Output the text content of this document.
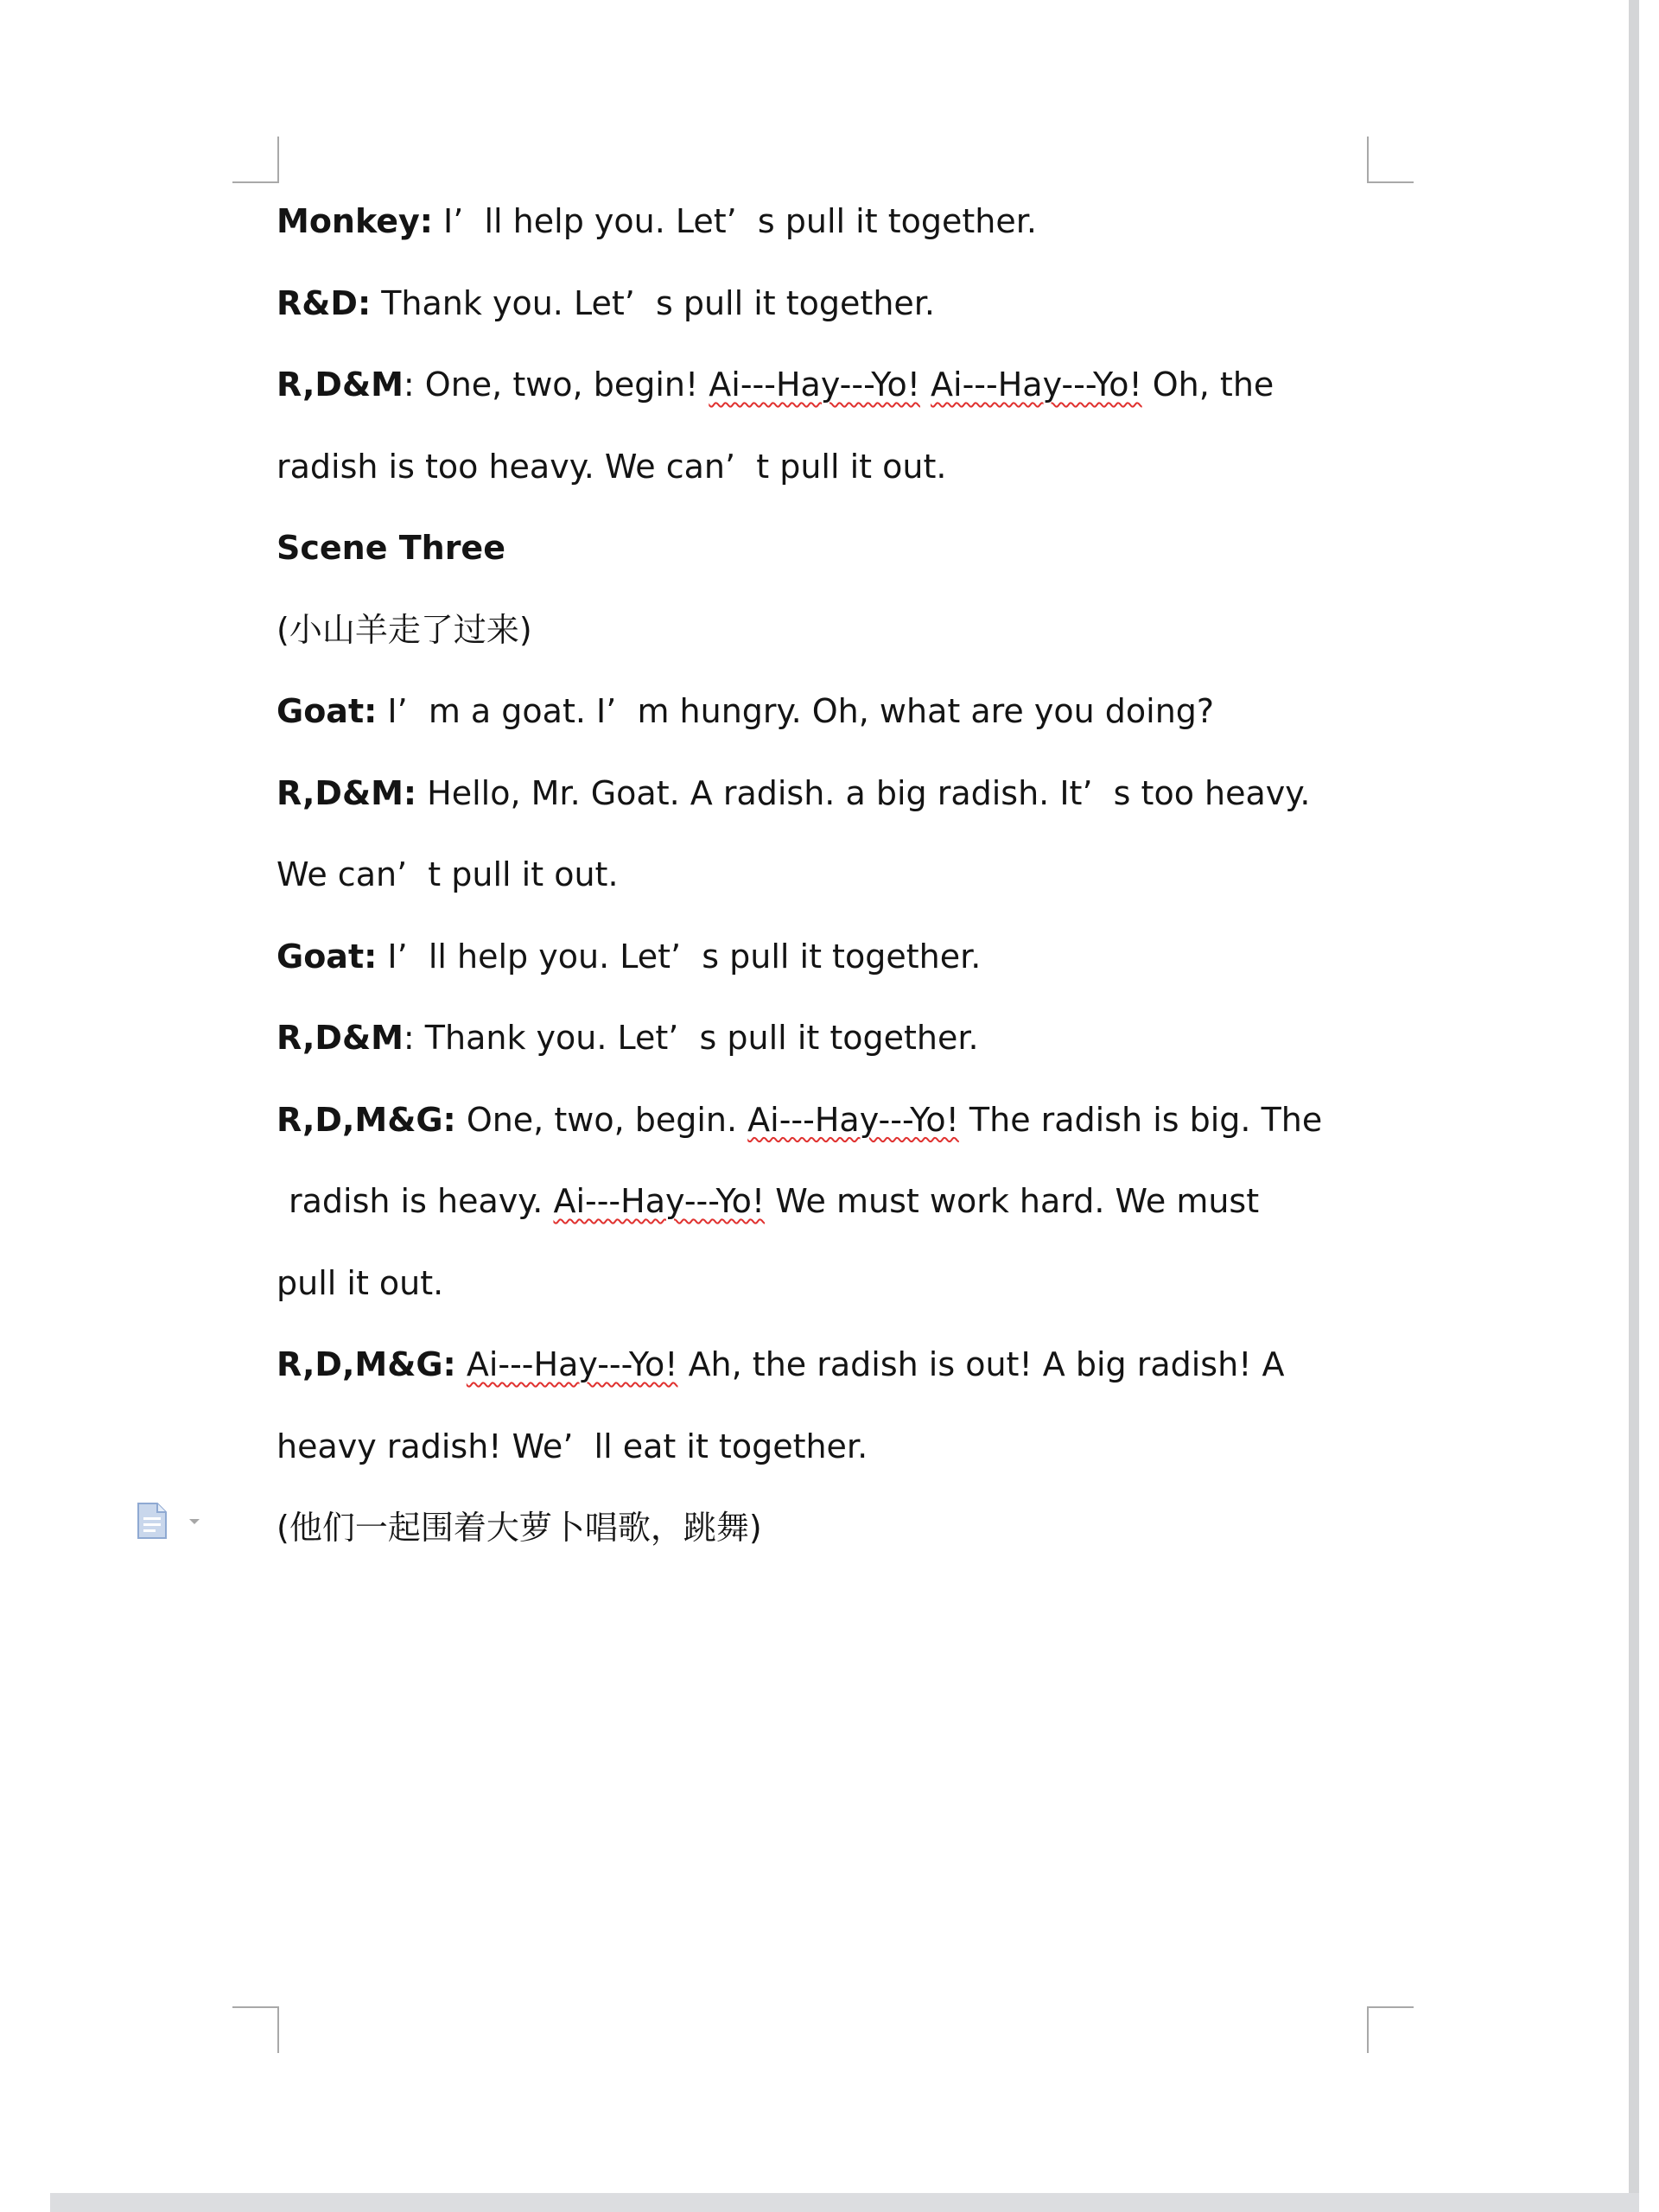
Monkey: I’  ll help you. Let’  s pull it together.
R&D: Thank you. Let’  s pull it together.
R,D&M: One, two, begin! Ai---Hay---Yo! Ai---Hay---Yo! Oh, the
radish is too heavy. We can’  t pull it out.
Scene Three
(小山羊走了过来)
Goat: I’  m a goat. I’  m hungry. Oh, what are you doing?
R,D&M: Hello, Mr. Goat. A radish. a big radish. It’  s too heavy.
We can’  t pull it out.
Goat: I’  ll help you. Let’  s pull it together.
R,D&M: Thank you. Let’  s pull it together.
R,D,M&G: One, two, begin. Ai---Hay---Yo! The radish is big. The
radish is heavy. Ai---Hay---Yo! We must work hard. We must
pull it out.
R,D,M&G: Ai---Hay---Yo! Ah, the radish is out! A big radish! A
heavy radish! We’  ll eat it together.
(他们一起围着大萝卜唱歌，跳舞)
